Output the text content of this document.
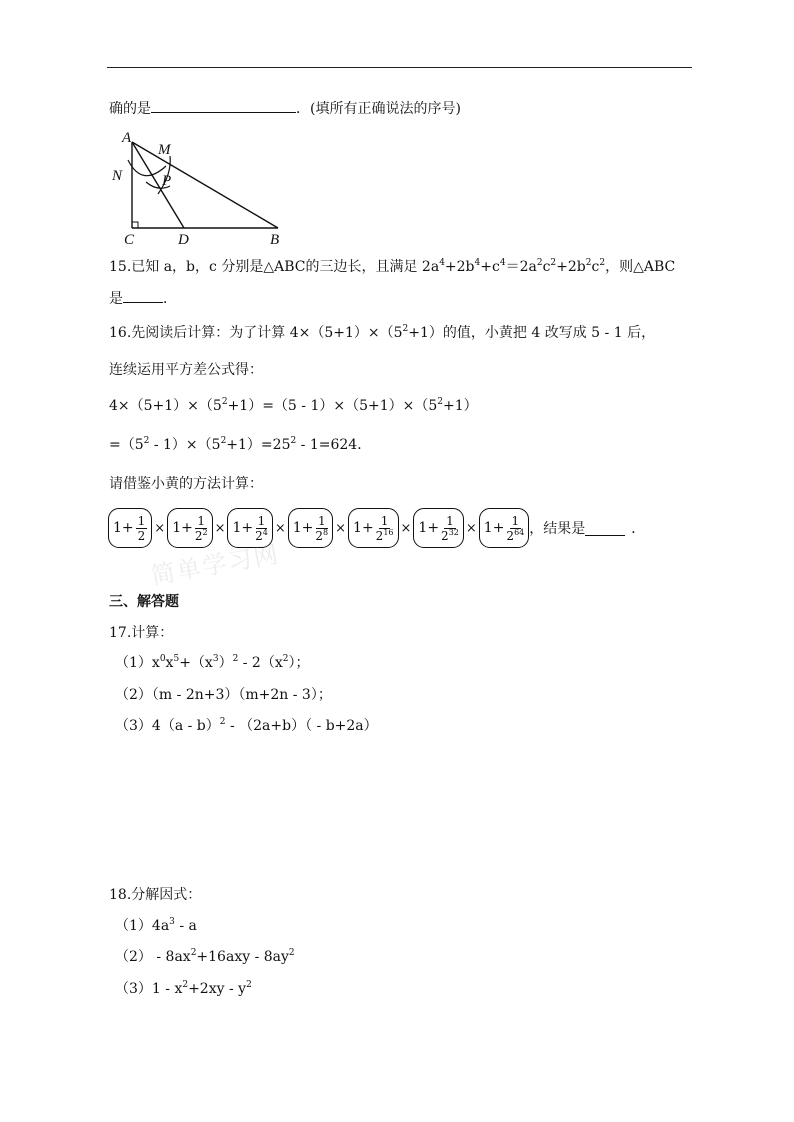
确的是	．(填所有正确说法的序号)
A
M
N	P
C	D	B
15.已知 a，b，c 分别是△ABC的三边长，且满足 $2a^4+2b^4+c^4=2a^2c^2+2b^2c^2$，则△ABC
是	．
16.先阅读后计算：为了计算 $4\times(5+1)\times(5^2+1)$的值，小黄把 4 改写成 5 - 1 后，
连续运用平方差公式得：
$4\times(5+1)\times(5^2+1)=(5 - 1)\times(5+1)\times(5^2+1)$
$=(5^2 - 1)\times(5^2+1)=25^2 - 1=624$．
请借鉴小黄的方法计算：
$1+ \frac{1}{2} \times 1+ \frac{1}{2^2} \times 1+ \frac{1}{2^4} \times 1+ \frac{1}{2^8} \times 1+ \frac{1}{2^{16}} \times 1+ \frac{1}{2^{32}} \times 1+ \frac{1}{2^{64}}$ ，结果是	．
简单学习网
三、解答题
17.计算：
$(1)x^0x^5+(x^3)^2 - 2(x^2)$；
（2）（m - 2n+3）（m+2n - 3）；
（3）4（a - b）$^2$ - （2a+b）（ - b+2a）
18.分解因式：
$(1)4a^3$ - a
$(2) - 8ax^2+16axy - 8ay^2$
$(3)1 - x^2+2xy - y^2$
